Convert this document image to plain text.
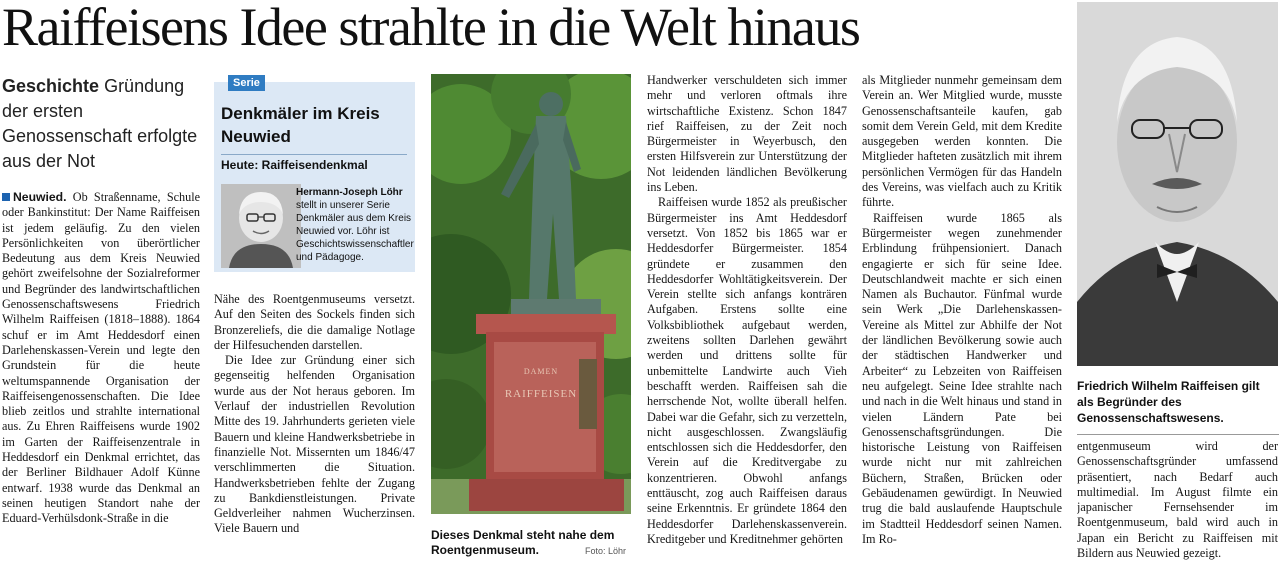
Raiffeisens Idee strahlte in die Welt hinaus
Geschichte Gründung der ersten Genossenschaft erfolgte aus der Not

Neuwied. Ob Straßenname, Schule oder Bankinstitut: Der Name Raiffeisen ist jedem geläufig. Zu den vielen Persönlichkeiten von überörtlicher Bedeutung aus dem Kreis Neuwied gehört zweifelsohne der Sozialreformer und Begründer des landwirtschaftlichen Genossenschaftswesens Friedrich Wilhelm Raiffeisen (1818–1888). 1864 schuf er im Amt Heddesdorf einen Darlehenskassen-Verein und legte den Grundstein für die heute weltumspannende Organisation der Raiffeisengenossenschaften. Die Idee blieb zeitlos und strahlte international aus. Zu Ehren Raiffeisens wurde 1902 im Garten der Raiffeisenzentrale in Heddesdorf ein Denkmal errichtet, das der Berliner Bildhauer Adolf Künne entwarf. 1938 wurde das Denkmal an seinen heutigen Standort nahe der Eduard-Verhülsdonk-Straße in die

Serie
Denkmäler im Kreis Neuwied
Heute: Raiffeisendenkmal
Hermann-Joseph Löhr stellt in unserer Serie Denkmäler aus dem Kreis Neuwied vor. Löhr ist Geschichtswissenschaftler und Pädagoge.

Nähe des Roentgenmuseums versetzt. Auf den Seiten des Sockels finden sich Bronzereliefs, die die damalige Notlage der Hilfesuchenden darstellen.

Die Idee zur Gründung einer sich gegenseitig helfenden Organisation wurde aus der Not heraus geboren. Im Verlauf der industriellen Revolution Mitte des 19. Jahrhunderts gerieten viele Bauern und kleine Handwerksbetriebe in finanzielle Not. Missernten um 1846/47 verschlimmerten die Situation. Handwerksbetrieben fehlte der Zugang zu Bankdienstleistungen. Private Geldverleiher nahmen Wucherzinsen. Viele Bauern und

DAMEN
RAIFFEISEN
Dieses Denkmal steht nahe dem Roentgenmuseum.	Foto: Löhr

Handwerker verschuldeten sich immer mehr und verloren oftmals ihre wirtschaftliche Existenz. Schon 1847 rief Raiffeisen, zu der Zeit noch Bürgermeister in Weyerbusch, den ersten Hilfsverein zur Unterstützung der Not leidenden ländlichen Bevölkerung ins Leben.

Raiffeisen wurde 1852 als preußischer Bürgermeister ins Amt Heddesdorf versetzt. Von 1852 bis 1865 war er Heddesdorfer Bürgermeister. 1854 gründete er zusammen den Heddesdorfer Wohltätigkeitsverein. Der Verein stellte sich anfangs konträren Aufgaben. Erstens sollte eine Volksbibliothek aufgebaut werden, zweitens sollten Darlehen gewährt werden und drittens sollte für unbemittelte Landwirte auch Vieh beschafft werden. Raiffeisen sah die herrschende Not, wollte überall helfen. Dabei war die Gefahr, sich zu verzetteln, nicht ausgeschlossen. Zwangsläufig entschlossen sich die Heddesdorfer, den Verein auf die Kreditvergabe zu konzentrieren. Obwohl anfangs enttäuscht, zog auch Raiffeisen daraus seine Erkenntnis. Er gründete 1864 den Heddesdorfer Darlehenskassenverein. Kreditgeber und Kreditnehmer gehörten

als Mitglieder nunmehr gemeinsam dem Verein an. Wer Mitglied wurde, musste Genossenschaftsanteile kaufen, gab somit dem Verein Geld, mit dem Kredite ausgegeben werden konnten. Die Mitglieder hafteten zusätzlich mit ihrem persönlichen Vermögen für das Handeln des Vereins, was vielfach auch zu Kritik führte.

Raiffeisen wurde 1865 als Bürgermeister wegen zunehmender Erblindung frühpensioniert. Danach engagierte er sich für seine Idee. Deutschlandweit machte er sich einen Namen als Buchautor. Fünfmal wurde sein Werk „Die Darlehenskassen-Vereine als Mittel zur Abhilfe der Not der ländlichen Bevölkerung sowie auch der städtischen Handwerker und Arbeiter“ zu Lebzeiten von Raiffeisen neu aufgelegt. Seine Idee strahlte nach und nach in die Welt hinaus und stand in vielen Ländern Pate bei Genossenschaftsgründungen. Die historische Leistung von Raiffeisen wurde nicht nur mit zahlreichen Büchern, Straßen, Brücken oder Gebäudenamen gewürdigt. In Neuwied trug die bald auslaufende Hauptschule im Stadtteil Heddesdorf seinen Namen. Im Ro-

Friedrich Wilhelm Raiffeisen gilt als Begründer des Genossenschaftswesens.

entgenmuseum wird der Genossenschaftsgründer umfassend präsentiert, nach Bedarf auch multimedial. Im August filmte ein japanischer Fernsehsender im Roentgenmuseum, bald wird auch in Japan ein Bericht zu Raiffeisen mit Bildern aus Neuwied gezeigt.
